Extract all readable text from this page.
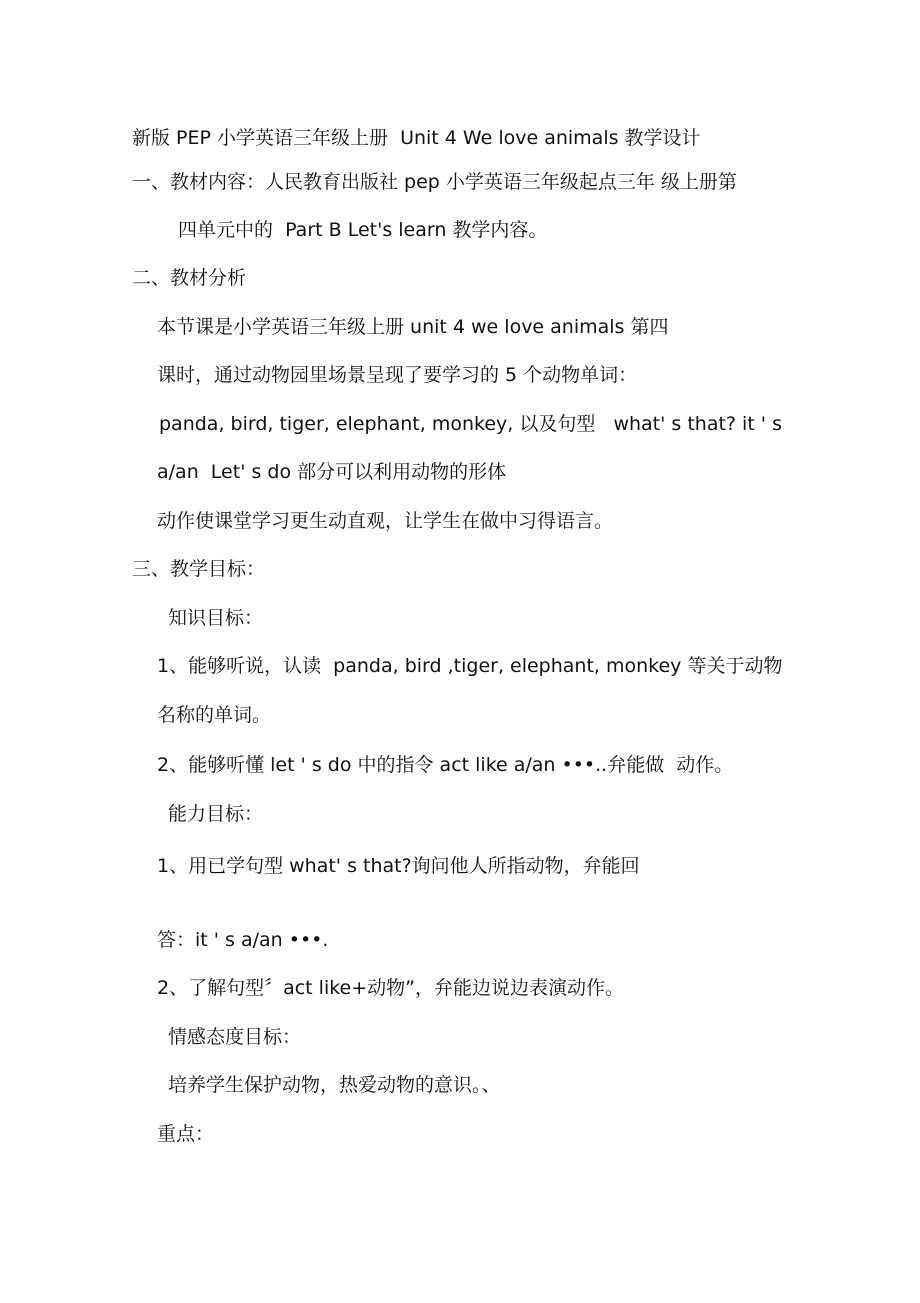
新版 PEP 小学英语三年级上册  Unit 4 We love animals 教学设计
一、教材内容：人民教育出版社 pep 小学英语三年级起点三年 级上册第
四单元中的  Part B Let's learn 教学内容。
二、教材分析
本节课是小学英语三年级上册 unit 4 we love animals 第四
课时，通过动物园里场景呈现了要学习的 5 个动物单词：
panda, bird, tiger, elephant, monkey, 以及句型   what' s that? it ' s
a/an  Let' s do 部分可以利用动物的形体
动作使课堂学习更生动直观，让学生在做中习得语言。
三、教学目标：
知识目标：
1、能够听说，认读  panda, bird ,tiger, elephant, monkey 等关于动物
名称的单词。
2、能够听懂 let ' s do 中的指令 act like a/an •••..弁能做  动作。
能力目标：
1、用已学句型 what' s that?询问他人所指动物，弁能回
答：it ' s a/an •••.
2、了解句型〞act like+动物”，弁能边说边表演动作。
情感态度目标：
培养学生保护动物，热爱动物的意识。、
重点：
